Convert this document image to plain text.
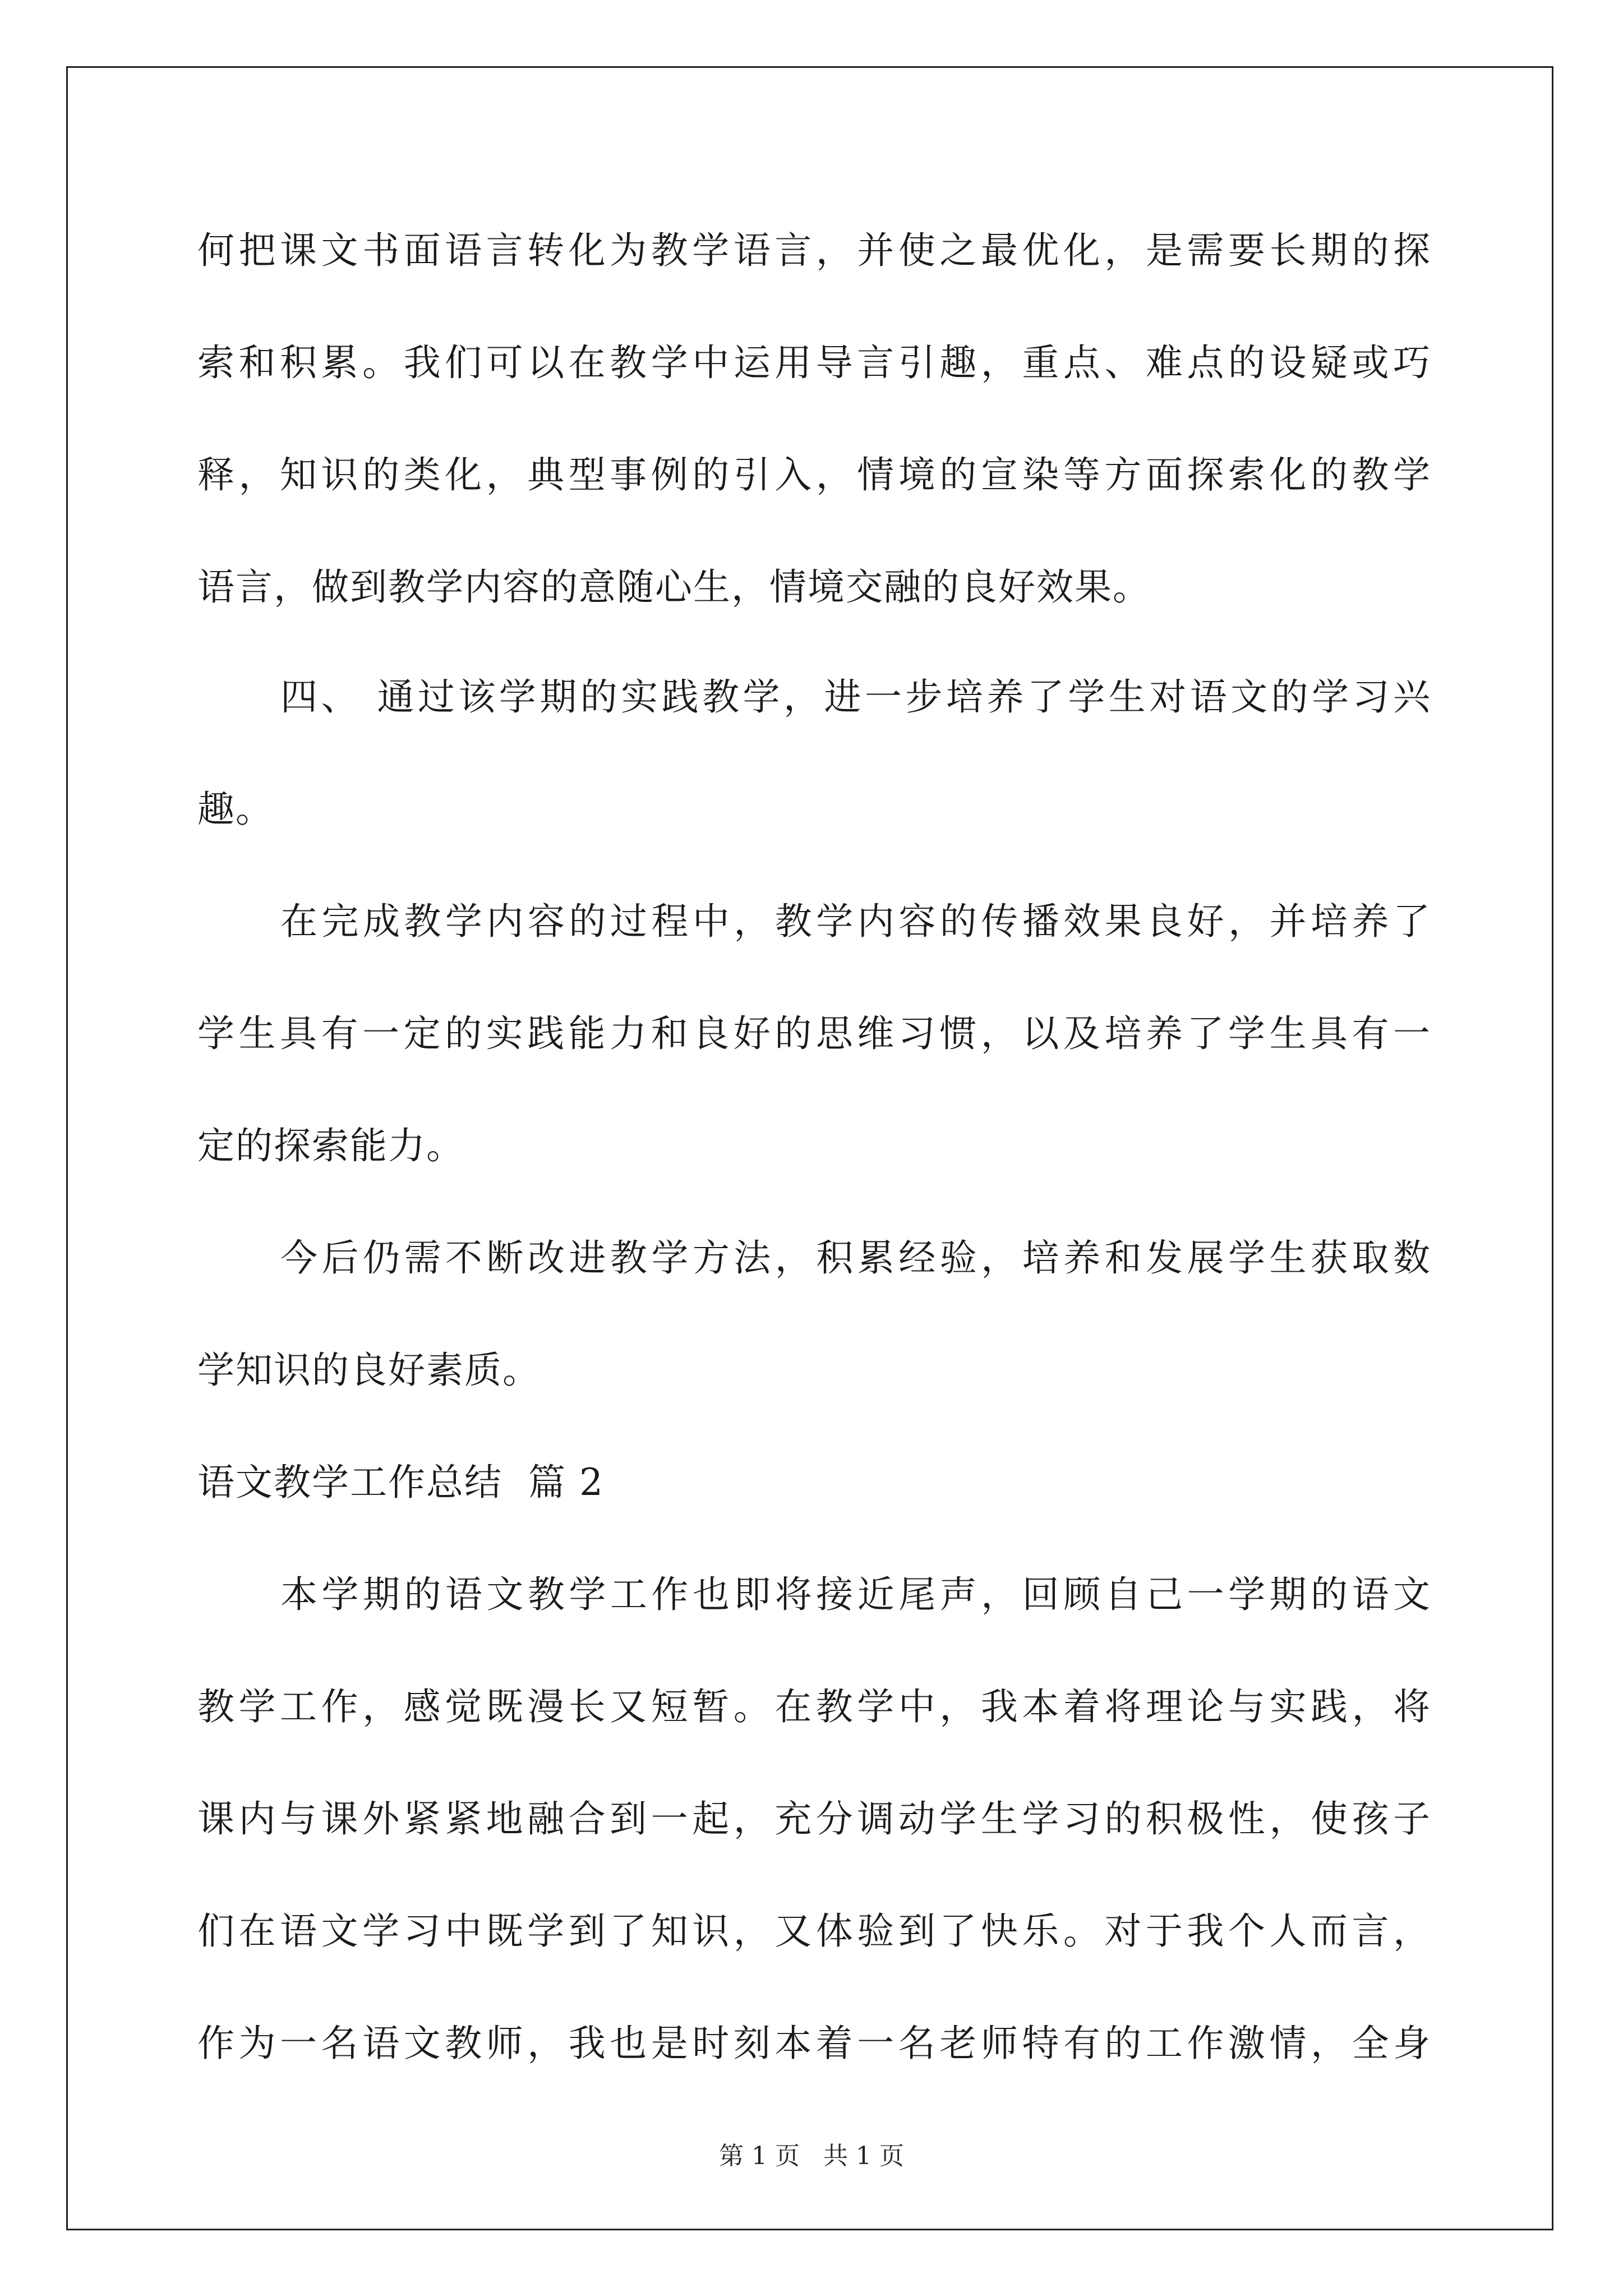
何把课文书面语言转化为教学语言，并使之最优化，是需要长期的探
索和积累。我们可以在教学中运用导言引趣，重点、难点的设疑或巧
释，知识的类化，典型事例的引入，情境的宣染等方面探索化的教学
语言，做到教学内容的意随心生，情境交融的良好效果。
四、 通过该学期的实践教学，进一步培养了学生对语文的学习兴
趣。
在完成教学内容的过程中，教学内容的传播效果良好，并培养了
学生具有一定的实践能力和良好的思维习惯，以及培养了学生具有一
定的探索能力。
今后仍需不断改进教学方法，积累经验，培养和发展学生获取数
学知识的良好素质。
语文教学工作总结  篇 2
本学期的语文教学工作也即将接近尾声，回顾自己一学期的语文
教学工作，感觉既漫长又短暂。在教学中，我本着将理论与实践，将
课内与课外紧紧地融合到一起，充分调动学生学习的积极性，使孩子
们在语文学习中既学到了知识，又体验到了快乐。对于我个人而言，
作为一名语文教师，我也是时刻本着一名老师特有的工作激情，全身
第 1 页   共 1 页
